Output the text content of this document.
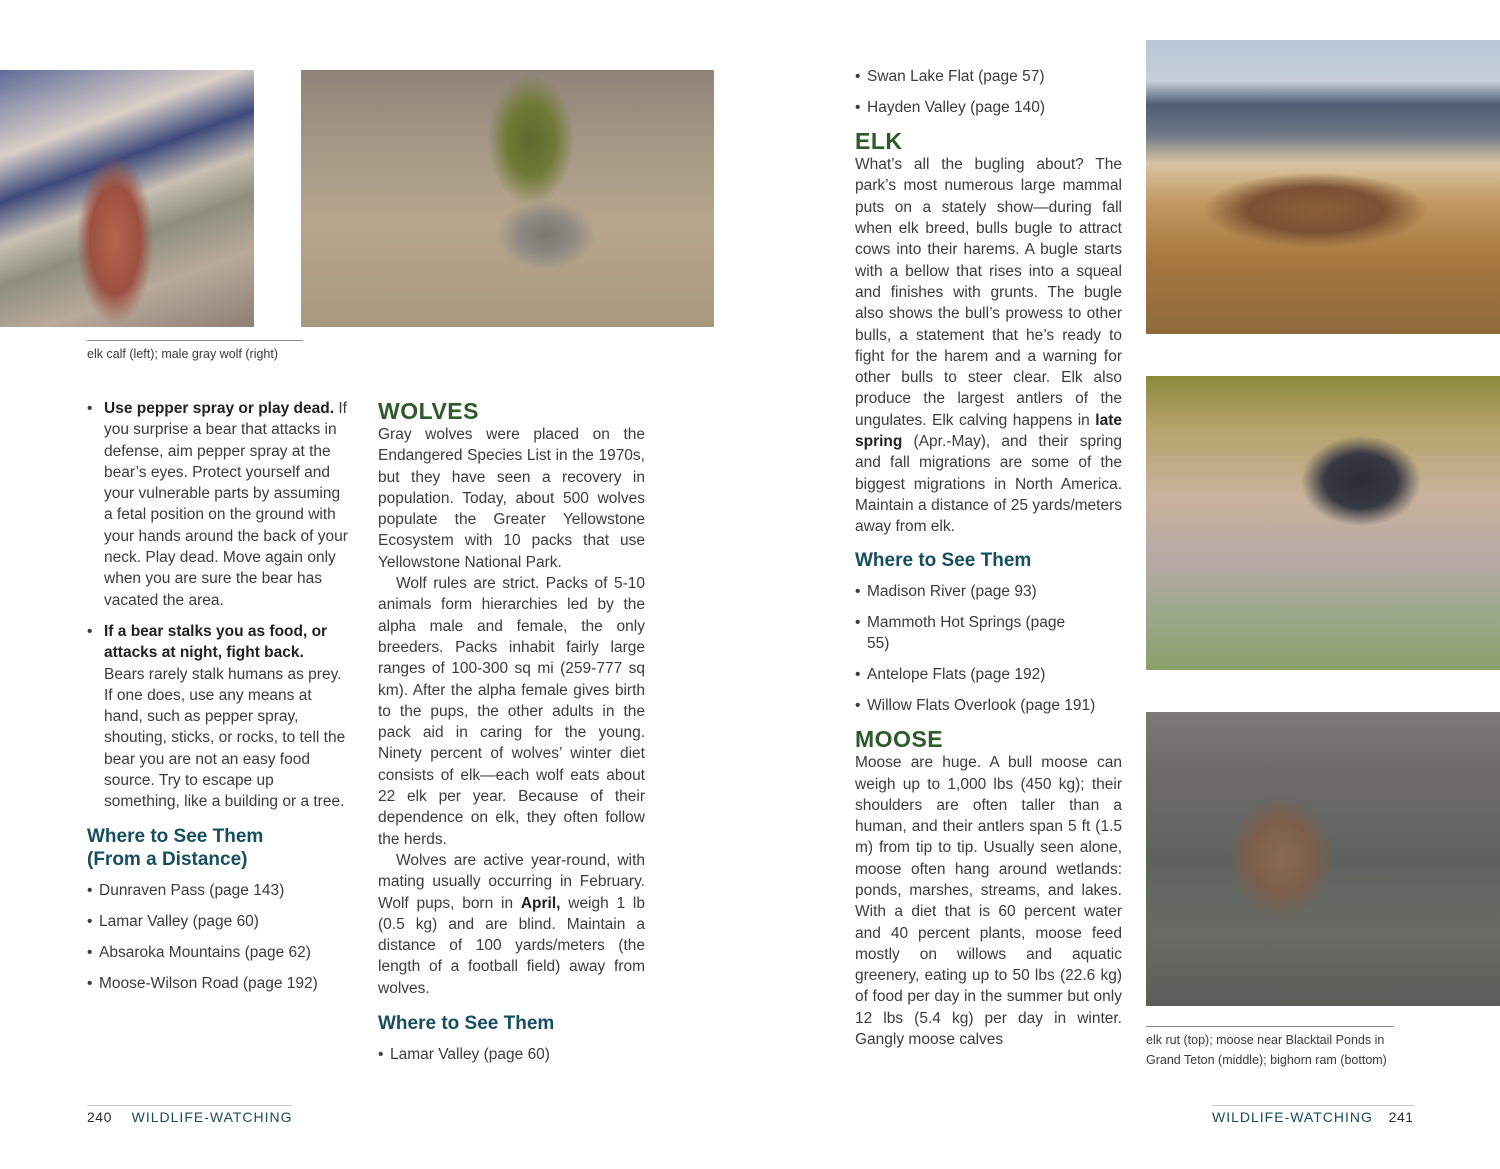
elk calf (left); male gray wolf (right)
• Use pepper spray or play dead. If you surprise a bear that attacks in defense, aim pepper spray at the bear’s eyes. Protect yourself and your vulnerable parts by assuming a fetal position on the ground with your hands around the back of your neck. Play dead. Move again only when you are sure the bear has vacated the area.
• If a bear stalks you as food, or attacks at night, fight back.
Bears rarely stalk humans as prey. If one does, use any means at hand, such as pepper spray, shouting, sticks, or rocks, to tell the bear you are not an easy food source. Try to escape up something, like a building or a tree.
Where to See Them
(From a Distance)
• Dunraven Pass (page 143)
• Lamar Valley (page 60)
• Absaroka Mountains (page 62)
• Moose-Wilson Road (page 192)
WOLVES

Gray wolves were placed on the Endangered Species List in the 1970s, but they have seen a recovery in population. Today, about 500 wolves populate the Greater Yellowstone Ecosystem with 10 packs that use Yellowstone National Park.

Wolf rules are strict. Packs of 5-10 animals form hierarchies led by the alpha male and female, the only breeders. Packs inhabit fairly large ranges of 100-300 sq mi (259-777 sq km). After the alpha female gives birth to the pups, the other adults in the pack aid in caring for the young. Ninety percent of wolves’ winter diet consists of elk—each wolf eats about 22 elk per year. Because of their dependence on elk, they often follow the herds.

Wolves are active year-round, with mating usually occurring in February. Wolf pups, born in April, weigh 1 lb (0.5 kg) and are blind. Maintain a distance of 100 yards/meters (the length of a football field) away from wolves.

Where to See Them
• Lamar Valley (page 60)
240 WILDLIFE-WATCHING
• Swan Lake Flat (page 57)
• Hayden Valley (page 140)
ELK

What’s all the bugling about? The park’s most numerous large mammal puts on a stately show—during fall when elk breed, bulls bugle to attract cows into their harems. A bugle starts with a bellow that rises into a squeal and finishes with grunts. The bugle also shows the bull’s prowess to other bulls, a statement that he’s ready to fight for the harem and a warning for other bulls to steer clear. Elk also produce the largest antlers of the ungulates. Elk calving happens in late spring (Apr.-May), and their spring and fall migrations are some of the biggest migrations in North America. Maintain a distance of 25 yards/meters away from elk.

Where to See Them
• Madison River (page 93)
• Mammoth Hot Springs (page 55)
• Antelope Flats (page 192)
• Willow Flats Overlook (page 191)
MOOSE

Moose are huge. A bull moose can weigh up to 1,000 lbs (450 kg); their shoulders are often taller than a human, and their antlers span 5 ft (1.5 m) from tip to tip. Usually seen alone, moose often hang around wetlands: ponds, marshes, streams, and lakes. With a diet that is 60 percent water and 40 percent plants, moose feed mostly on willows and aquatic greenery, eating up to 50 lbs (22.6 kg) of food per day in the summer but only 12 lbs (5.4 kg) per day in winter. Gangly moose calves	elk rut (top); moose near Blacktail Ponds in Grand Teton (middle); bighorn ram (bottom)
WILDLIFE-WATCHING 241
